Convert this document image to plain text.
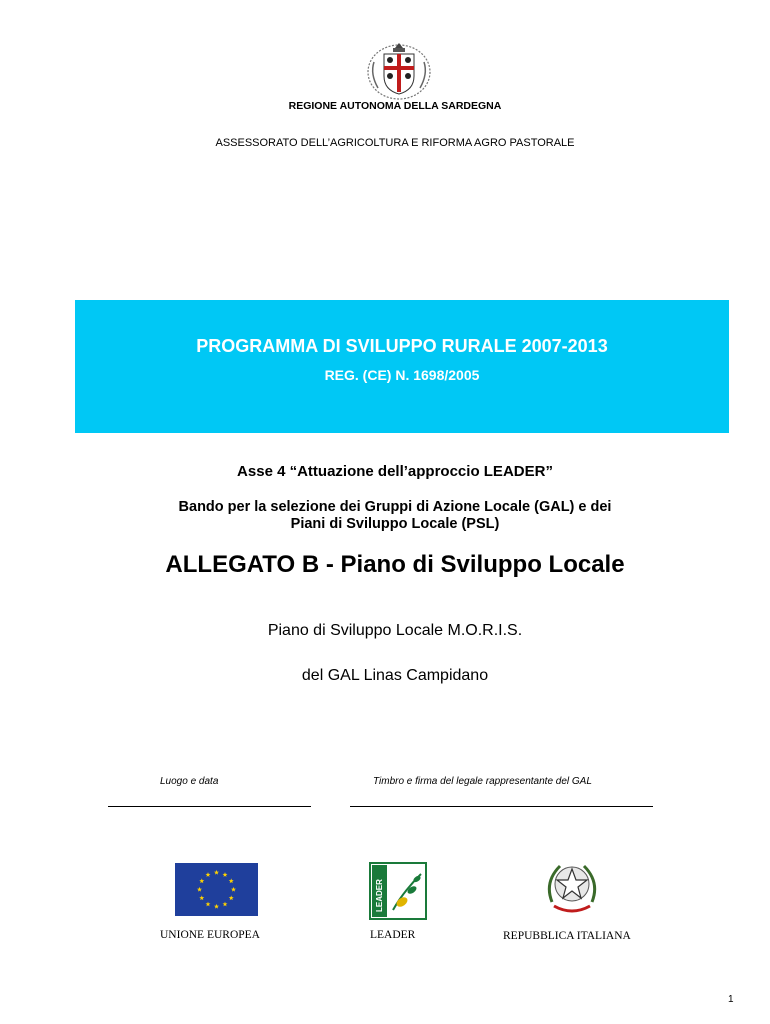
REGIONE AUTONOMA DELLA SARDEGNA
ASSESSORATO DELL’AGRICOLTURA E RIFORMA AGRO PASTORALE
PROGRAMMA DI SVILUPPO RURALE 2007-2013
REG. (CE) N. 1698/2005
Asse 4 “Attuazione dell’approccio LEADER”
Bando per la selezione dei Gruppi di Azione Locale (GAL) e dei
Piani di Sviluppo Locale (PSL)
ALLEGATO B - Piano di Sviluppo Locale
Piano di Sviluppo Locale M.O.R.I.S.
del GAL Linas Campidano
Luogo e data	Timbro e firma del legale rappresentante del GAL
LEADER	•••
UNIONE EUROPEA	LEADER	REPUBBLICA ITALIANA
1
